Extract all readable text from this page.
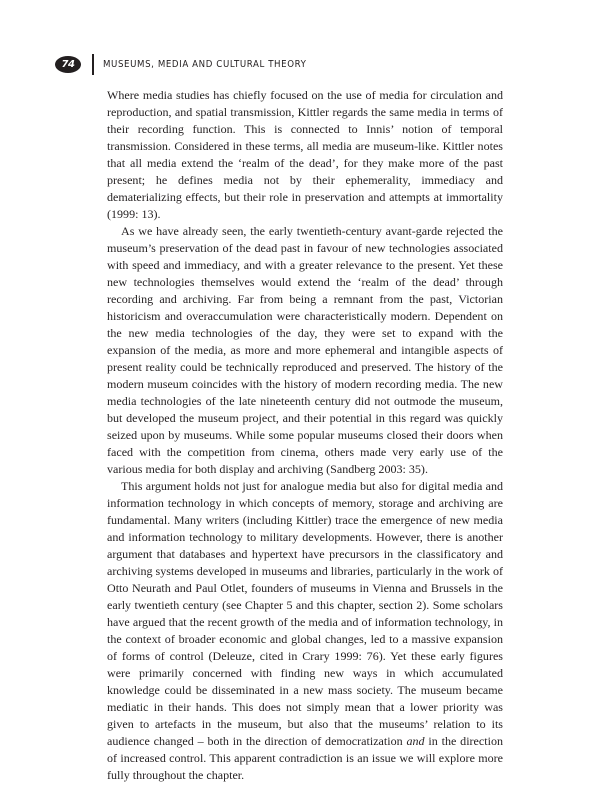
74	MUSEUMS, MEDIA AND CULTURAL THEORY

Where media studies has chiefly focused on the use of media for circulation and reproduction, and spatial transmission, Kittler regards the same media in terms of their recording function. This is connected to Innis’ notion of temporal transmission. Considered in these terms, all media are museum-like. Kittler notes that all media extend the ‘realm of the dead’, for they make more of the past present; he defines media not by their ephemerality, immediacy and dematerializing effects, but their role in preservation and attempts at immortality (1999: 13).

As we have already seen, the early twentieth-century avant-garde rejected the museum’s preservation of the dead past in favour of new technologies associated with speed and immediacy, and with a greater relevance to the present. Yet these new technologies themselves would extend the ‘realm of the dead’ through recording and archiving. Far from being a remnant from the past, Victorian historicism and overaccumulation were characteristically modern. Dependent on the new media technologies of the day, they were set to expand with the expansion of the media, as more and more ephemeral and intangible aspects of present reality could be technically reproduced and preserved. The history of the modern museum coincides with the history of modern recording media. The new media technologies of the late nineteenth century did not outmode the museum, but developed the museum project, and their potential in this regard was quickly seized upon by museums. While some popular museums closed their doors when faced with the competition from cinema, others made very early use of the various media for both display and archiving (Sandberg 2003: 35).

This argument holds not just for analogue media but also for digital media and information technology in which concepts of memory, storage and archiving are fundamental. Many writers (including Kittler) trace the emergence of new media and information technology to military developments. However, there is another argument that databases and hypertext have precursors in the classificatory and archiving systems developed in museums and libraries, particularly in the work of Otto Neurath and Paul Otlet, founders of museums in Vienna and Brussels in the early twentieth century (see Chapter 5 and this chapter, section 2). Some scholars have argued that the recent growth of the media and of information technology, in the context of broader economic and global changes, led to a massive expansion of forms of control (Deleuze, cited in Crary 1999: 76). Yet these early figures were primarily concerned with finding new ways in which accumulated knowledge could be disseminated in a new mass society. The museum became mediatic in their hands. This does not simply mean that a lower priority was given to artefacts in the museum, but also that the museums’ relation to its audience changed – both in the direction of democratization and in the direction of increased control. This apparent contradiction is an issue we will explore more fully throughout the chapter.
